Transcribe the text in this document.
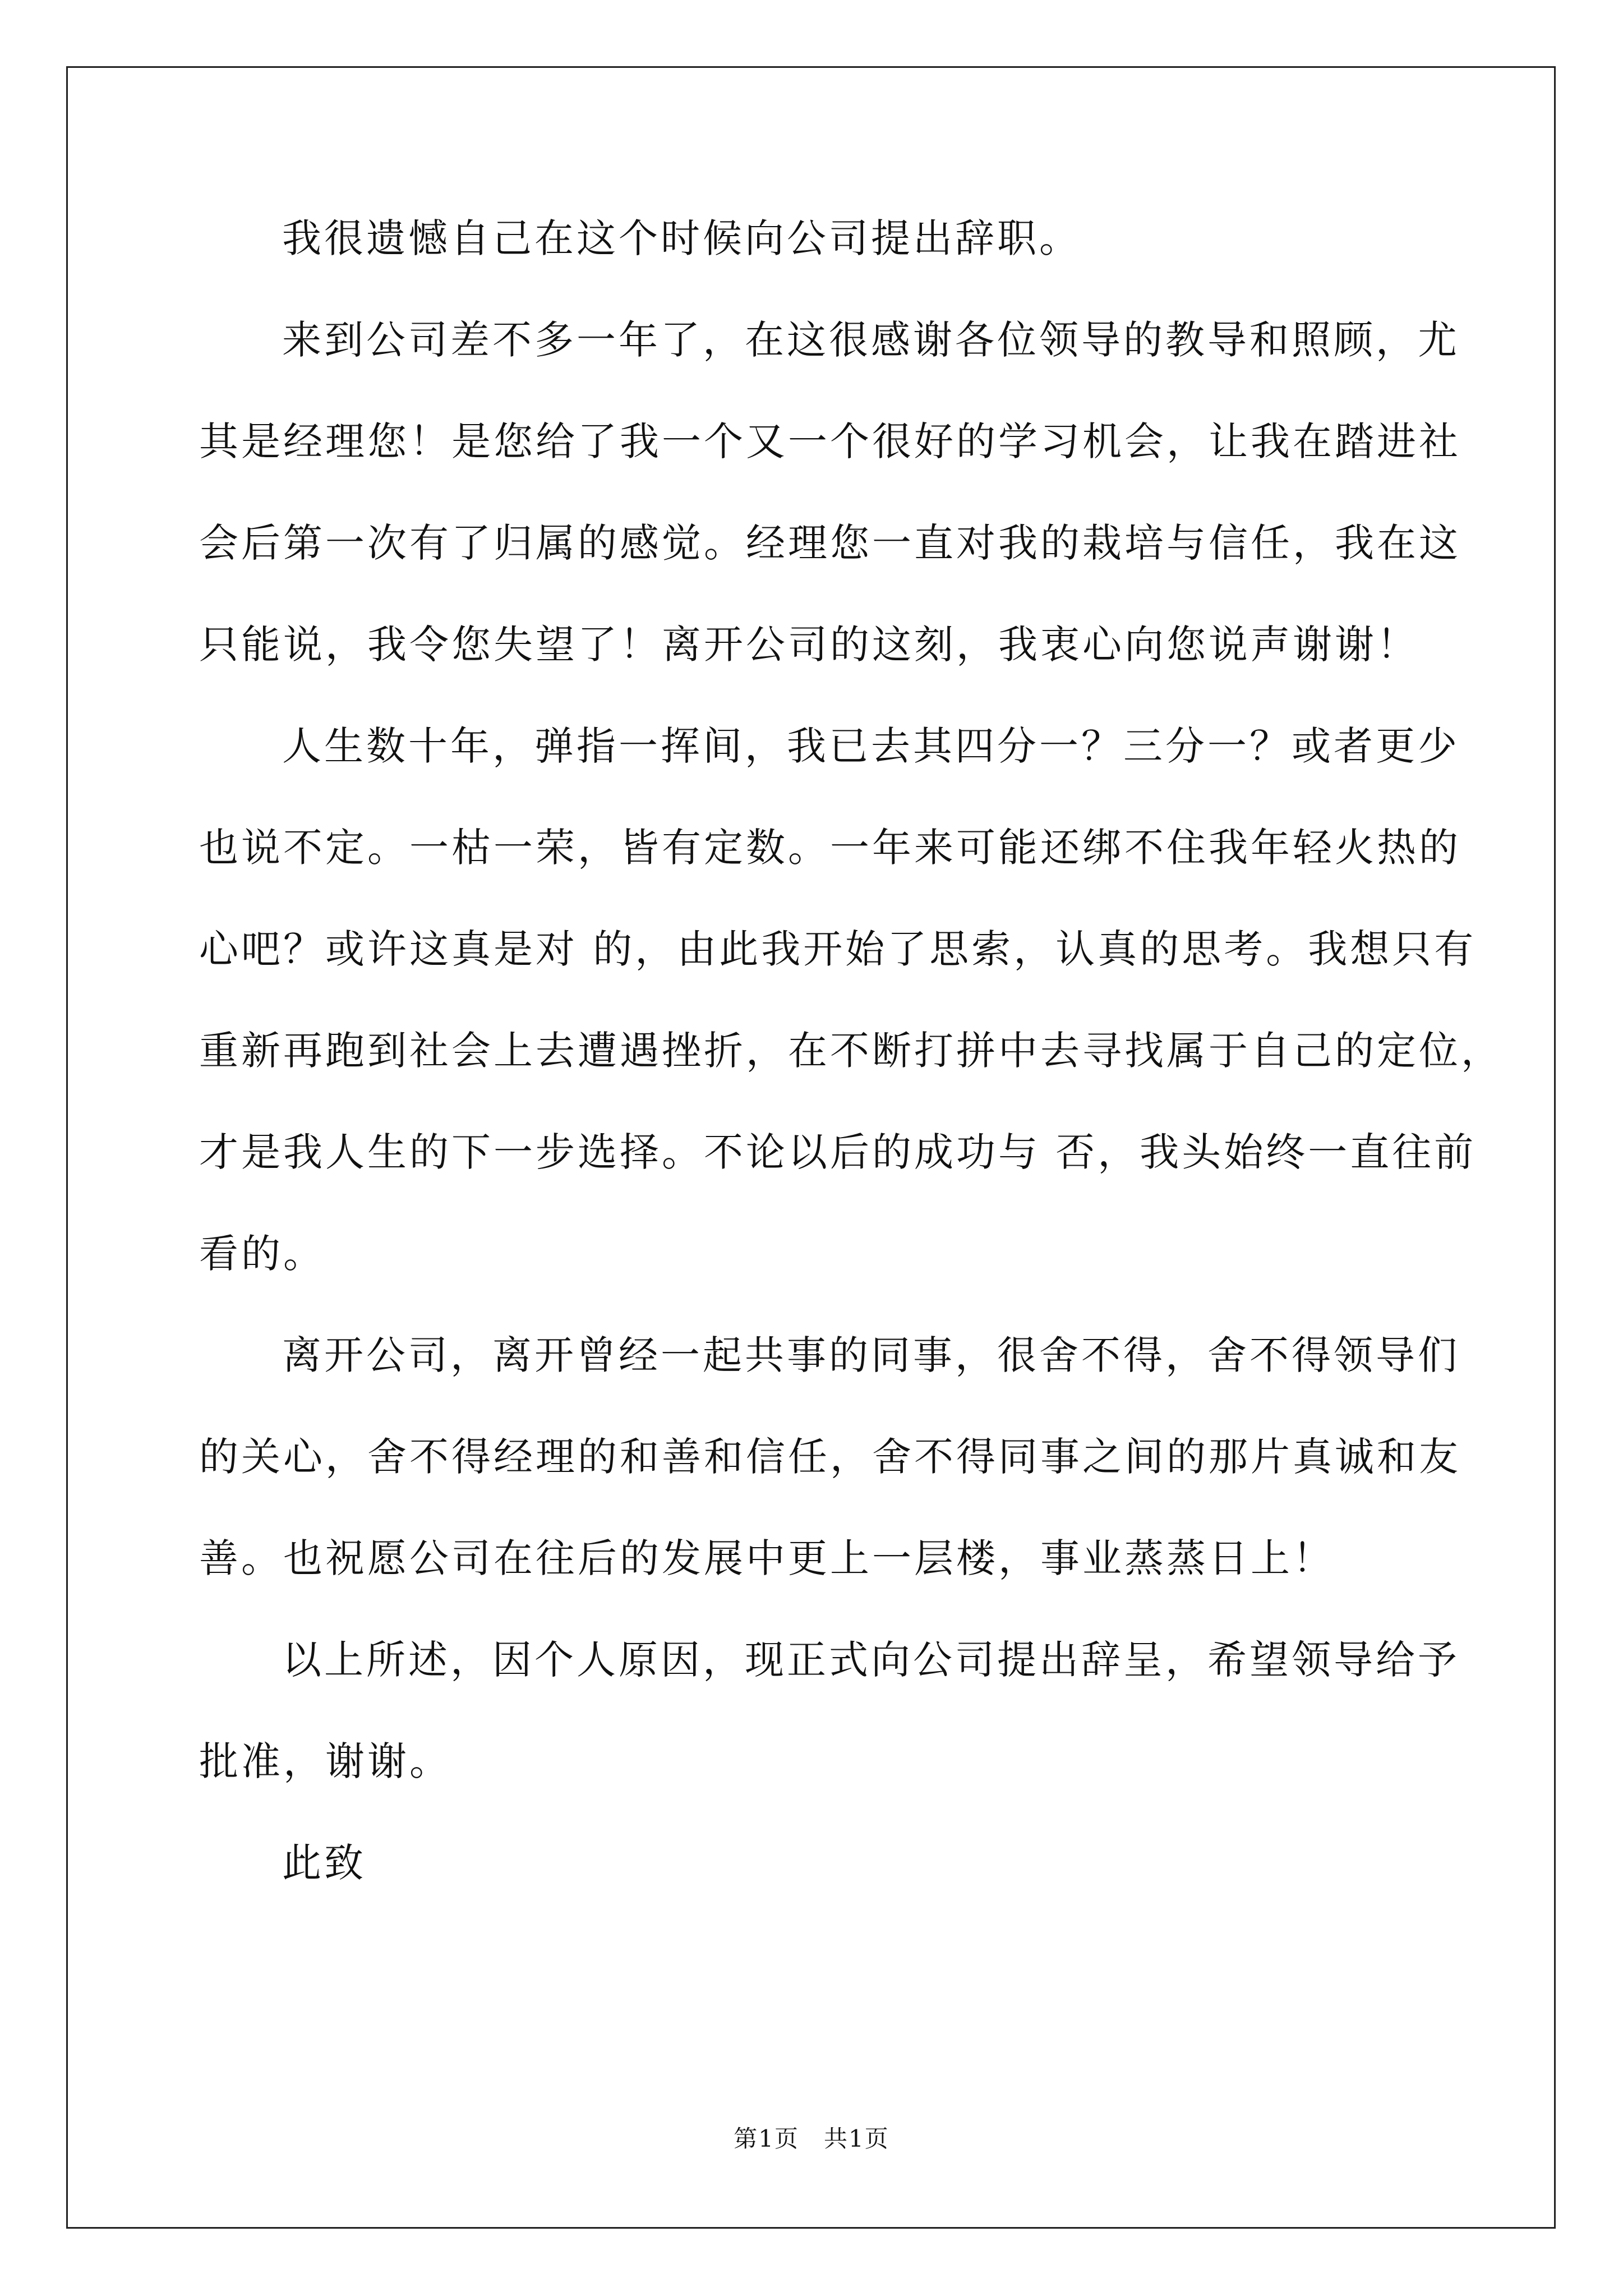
我很遗憾自己在这个时候向公司提出辞职。
来到公司差不多一年了，在这很感谢各位领导的教导和照顾，尤
其是经理您！是您给了我一个又一个很好的学习机会，让我在踏进社
会后第一次有了归属的感觉。经理您一直对我的栽培与信任，我在这
只能说，我令您失望了！离开公司的这刻，我衷心向您说声谢谢！
人生数十年，弹指一挥间，我已去其四分一？三分一？或者更少
也说不定。一枯一荣，皆有定数。一年来可能还绑不住我年轻火热的
心吧？或许这真是对 的，由此我开始了思索，认真的思考。我想只有
重新再跑到社会上去遭遇挫折，在不断打拼中去寻找属于自己的定位，
才是我人生的下一步选择。不论以后的成功与 否，我头始终一直往前
看的。
离开公司，离开曾经一起共事的同事，很舍不得，舍不得领导们
的关心，舍不得经理的和善和信任，舍不得同事之间的那片真诚和友
善。也祝愿公司在往后的发展中更上一层楼，事业蒸蒸日上！
以上所述，因个人原因，现正式向公司提出辞呈，希望领导给予
批准，谢谢。
此致
第1页　共1页
